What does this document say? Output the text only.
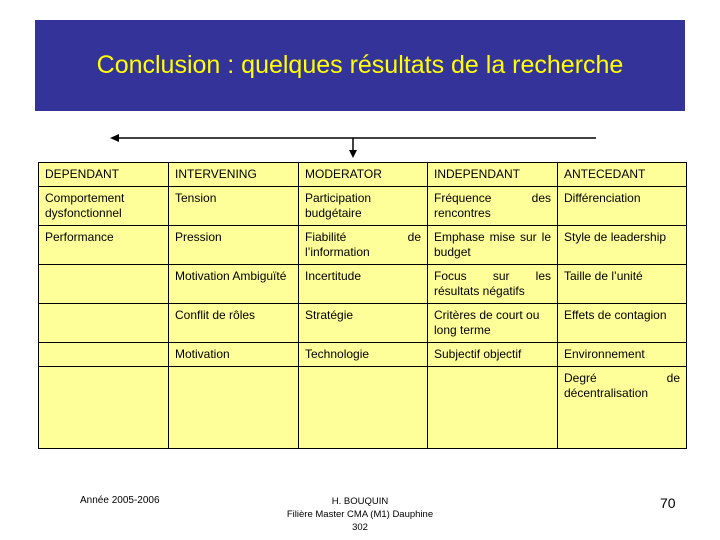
Conclusion : quelques résultats de la recherche
DEPENDANT	INTERVENING	MODERATOR	INDEPENDANT	ANTECEDANT
Comportement dysfonctionnel	Tension	Participation budgétaire	Fréquence des rencontres	Différenciation
Performance	Pression	Fiabilité de l’information	Emphase mise sur le budget	Style de leadership
	Motivation Ambiguïté	Incertitude	Focus sur les résultats négatifs	Taille de l’unité
	Conflit de rôles	Stratégie	Critères de court ou long terme	Effets de contagion
	Motivation	Technologie	Subjectif objectif	Environnement
				Degré de décentralisation
Année 2005-2006	H. BOUQUIN
Filière Master CMA (M1) Dauphine
302
70
